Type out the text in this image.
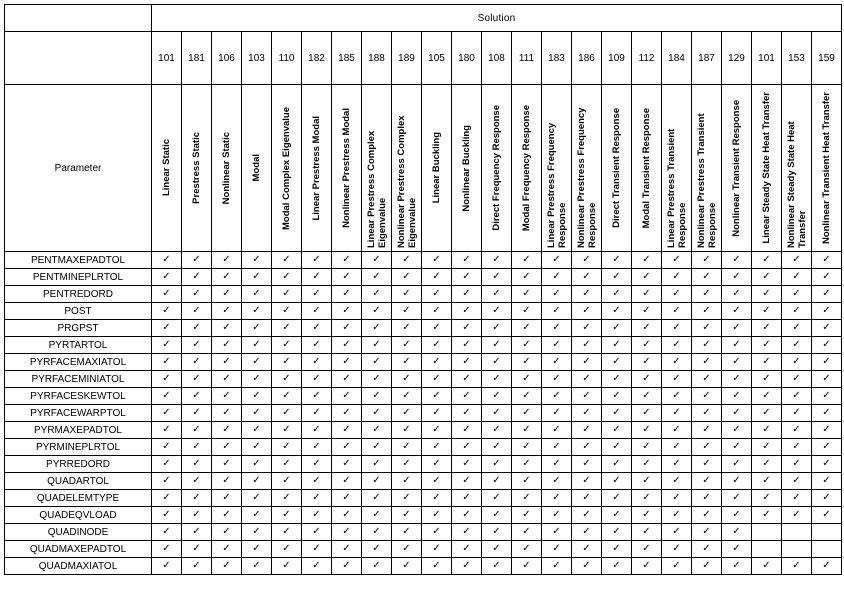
	Solution																						
	101	181	106	103	110	182	185	188	189	105	180	108	111	183	186	109	112	184	187	129	101	153	159
Parameter	Linear Static	Prestress Static	Nonlinear Static	Modal	Modal Complex Eigenvalue	Linear Prestress Modal	Nonlinear Prestress Modal	Linear Prestress Complex Eigenvalue	Nonlinear Prestress Complex Eigenvalue	Linear Buckling	Nonlinear Buckling	Direct Frequency Response	Modal Frequency Response	Linear Prestress Frequency Response	Nonlinear Prestress Frequency Response	Direct Transient Response	Modal Transient Response	Linear Prestress Transient Response	Nonlinear Prestress Transient Response	Nonlinear Transient Response	Linear Steady State Heat Transfer	Nonlinear Steady State Heat Transfer	Nonlinear Transient Heat Transfer

PENTMAXEPADTOL	✓	✓	✓	✓	✓	✓	✓	✓	✓	✓	✓	✓	✓	✓	✓	✓	✓	✓	✓	✓	✓	✓	✓
PENTMINEPLRTOL	✓	✓	✓	✓	✓	✓	✓	✓	✓	✓	✓	✓	✓	✓	✓	✓	✓	✓	✓	✓	✓	✓	✓
PENTREDORD	✓	✓	✓	✓	✓	✓	✓	✓	✓	✓	✓	✓	✓	✓	✓	✓	✓	✓	✓	✓	✓	✓	✓
POST	✓	✓	✓	✓	✓	✓	✓	✓	✓	✓	✓	✓	✓	✓	✓	✓	✓	✓	✓	✓	✓	✓	✓
PRGPST	✓	✓	✓	✓	✓	✓	✓	✓	✓	✓	✓	✓	✓	✓	✓	✓	✓	✓	✓	✓	✓	✓	✓
PYRTARTOL	✓	✓	✓	✓	✓	✓	✓	✓	✓	✓	✓	✓	✓	✓	✓	✓	✓	✓	✓	✓	✓	✓	✓
PYRFACEMAXIATOL	✓	✓	✓	✓	✓	✓	✓	✓	✓	✓	✓	✓	✓	✓	✓	✓	✓	✓	✓	✓	✓	✓	✓
PYRFACEMINIATOL	✓	✓	✓	✓	✓	✓	✓	✓	✓	✓	✓	✓	✓	✓	✓	✓	✓	✓	✓	✓	✓	✓	✓
PYRFACESKEWTOL	✓	✓	✓	✓	✓	✓	✓	✓	✓	✓	✓	✓	✓	✓	✓	✓	✓	✓	✓	✓	✓	✓	✓
PYRFACEWARPTOL	✓	✓	✓	✓	✓	✓	✓	✓	✓	✓	✓	✓	✓	✓	✓	✓	✓	✓	✓	✓	✓	✓	✓
PYRMAXEPADTOL	✓	✓	✓	✓	✓	✓	✓	✓	✓	✓	✓	✓	✓	✓	✓	✓	✓	✓	✓	✓	✓	✓	✓
PYRMINEPLRTOL	✓	✓	✓	✓	✓	✓	✓	✓	✓	✓	✓	✓	✓	✓	✓	✓	✓	✓	✓	✓	✓	✓	✓
PYRREDORD	✓	✓	✓	✓	✓	✓	✓	✓	✓	✓	✓	✓	✓	✓	✓	✓	✓	✓	✓	✓	✓	✓	✓
QUADARTOL	✓	✓	✓	✓	✓	✓	✓	✓	✓	✓	✓	✓	✓	✓	✓	✓	✓	✓	✓	✓	✓	✓	✓
QUADELEMTYPE	✓	✓	✓	✓	✓	✓	✓	✓	✓	✓	✓	✓	✓	✓	✓	✓	✓	✓	✓	✓	✓	✓	✓
QUADEQVLOAD	✓	✓	✓	✓	✓	✓	✓	✓	✓	✓	✓	✓	✓	✓	✓	✓	✓	✓	✓	✓	✓	✓	✓
QUADINODE	✓	✓	✓	✓	✓	✓	✓	✓	✓	✓	✓	✓	✓	✓	✓	✓	✓	✓	✓	✓			
QUADMAXEPADTOL	✓	✓	✓	✓	✓	✓	✓	✓	✓	✓	✓	✓	✓	✓	✓	✓	✓	✓	✓	✓			
QUADMAXIATOL	✓	✓	✓	✓	✓	✓	✓	✓	✓	✓	✓	✓	✓	✓	✓	✓	✓	✓	✓	✓	✓	✓	✓
